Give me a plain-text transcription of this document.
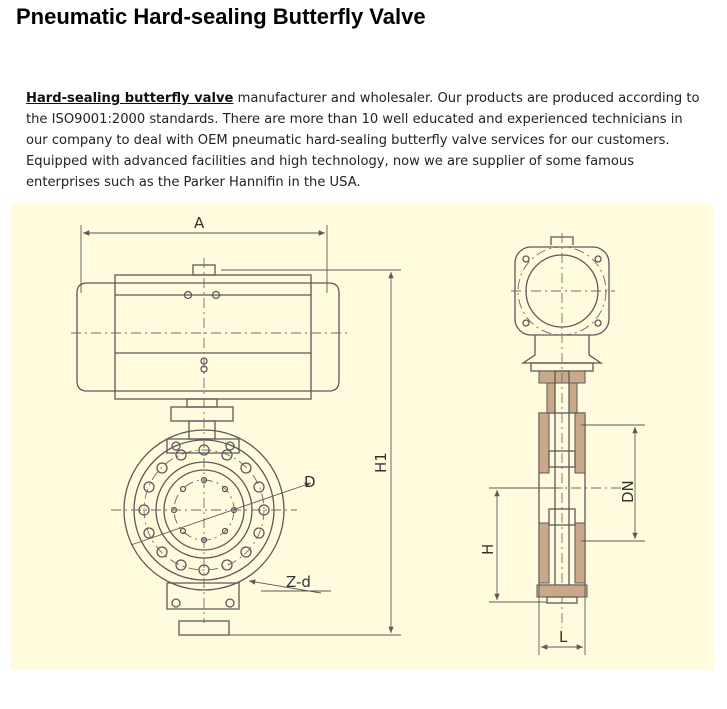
Pneumatic Hard-sealing Butterfly Valve

Hard-sealing butterfly valve manufacturer and wholesaler. Our products are produced according to the ISO9001:2000 standards. There are more than 10 well educated and experienced technicians in our company to deal with OEM pneumatic hard-sealing butterfly valve services for our customers. Equipped with advanced facilities and high technology, now we are supplier of some famous enterprises such as the Parker Hannifin in the USA.

A
D
Z-d
H1
DN
H
L
